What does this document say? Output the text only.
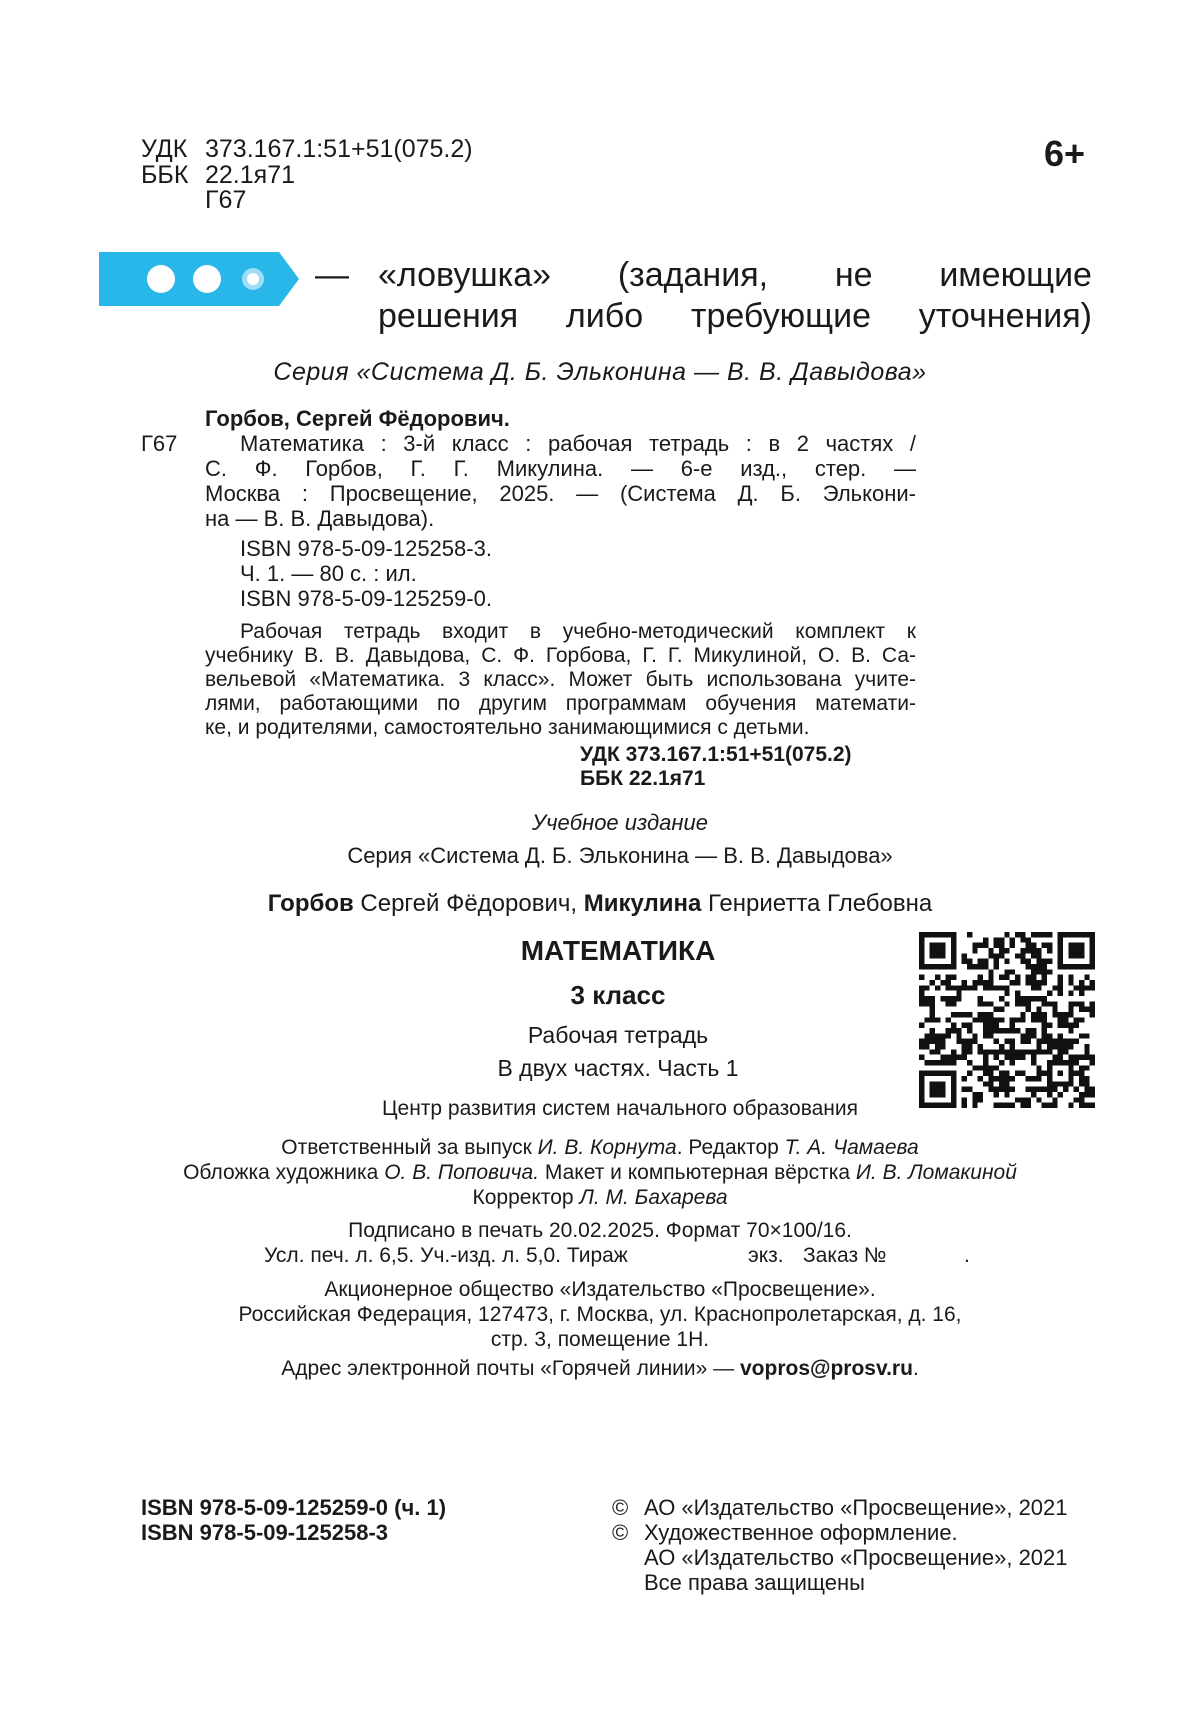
УДК 373.167.1:51+51(075.2)
ББК 22.1я71
Г67
6+
— «ловушка» (задания, не имеющие
решения либо требующие уточнения)
Серия «Система Д. Б. Эльконина — В. В. Давыдова»
Горбов, Сергей Фёдорович.
Г67	Математика : 3-й класс : рабочая тетрадь : в 2 частях /
С. Ф. Горбов, Г. Г. Микулина. — 6-е изд., стер. —
Москва : Просвещение, 2025. — (Система Д. Б. Элькони-
на — В. В. Давыдова).
ISBN 978-5-09-125258-3.
Ч. 1. — 80 с. : ил.
ISBN 978-5-09-125259-0.
Рабочая тетрадь входит в учебно-методический комплект к
учебнику В. В. Давыдова, С. Ф. Горбова, Г. Г. Микулиной, О. В. Са-
вельевой «Математика. 3 класс». Может быть использована учите-
лями, работающими по другим программам обучения математи-
ке, и родителями, самостоятельно занимающимися с детьми.
УДК 373.167.1:51+51(075.2)
ББК 22.1я71
Учебное издание
Серия «Система Д. Б. Эльконина — В. В. Давыдова»
Горбов Сергей Фёдорович, Микулина Генриетта Глебовна
МАТЕМАТИКА
3 класс
Рабочая тетрадь
В двух частях. Часть 1
Центр развития систем начального образования
Ответственный за выпуск И. В. Корнута. Редактор Т. А. Чамаева
Обложка художника О. В. Поповича. Макет и компьютерная вёрстка И. В. Ломакиной
Корректор Л. М. Бахарева
Подписано в печать 20.02.2025. Формат 70×100/16.
Усл. печ. л. 6,5. Уч.-изд. л. 5,0. Тираж	экз. Заказ №	.
Акционерное общество «Издательство «Просвещение».
Российская Федерация, 127473, г. Москва, ул. Краснопролетарская, д. 16,
стр. 3, помещение 1Н.
Адрес электронной почты «Горячей линии» — vopros@prosv.ru.
ISBN 978-5-09-125259-0 (ч. 1)
ISBN 978-5-09-125258-3
© АО «Издательство «Просвещение», 2021
© Художественное оформление.
АО «Издательство «Просвещение», 2021
Все права защищены
